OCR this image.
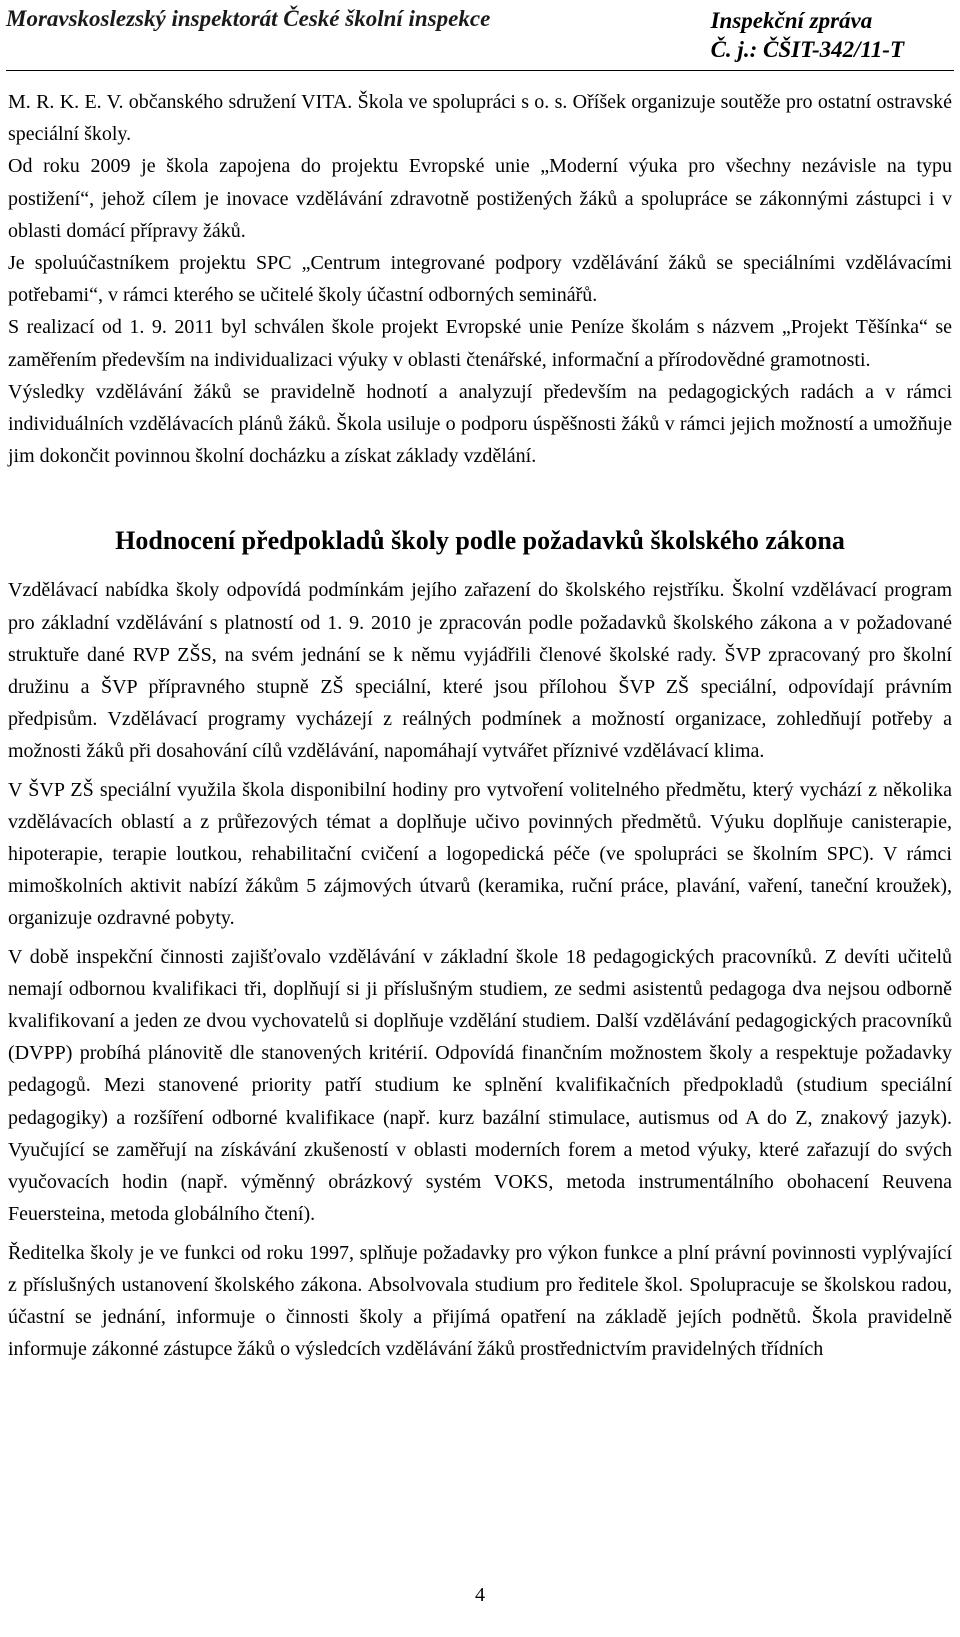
Moravskoslezský inspektorát České školní inspekce	Inspekční zpráva
Č. j.: ČŠIT-342/11-T

M. R. K. E. V. občanského sdružení VITA. Škola ve spolupráci s o. s. Oříšek organizuje soutěže pro ostatní ostravské speciální školy.

Od roku 2009 je škola zapojena do projektu Evropské unie „Moderní výuka pro všechny nezávisle na typu postižení“, jehož cílem je inovace vzdělávání zdravotně postižených žáků a spolupráce se zákonnými zástupci i v oblasti domácí přípravy žáků.

Je spoluúčastníkem projektu SPC „Centrum integrované podpory vzdělávání žáků se speciálními vzdělávacími potřebami“, v rámci kterého se učitelé školy účastní odborných seminářů.

S realizací od 1. 9. 2011 byl schválen škole projekt Evropské unie Peníze školám s názvem „Projekt Těšínka“ se zaměřením především na individualizaci výuky v oblasti čtenářské, informační a přírodovědné gramotnosti.

Výsledky vzdělávání žáků se pravidelně hodnotí a analyzují především na pedagogických radách a v rámci individuálních vzdělávacích plánů žáků. Škola usiluje o podporu úspěšnosti žáků v rámci jejich možností a umožňuje jim dokončit povinnou školní docházku a získat základy vzdělání.

Hodnocení předpokladů školy podle požadavků školského zákona

Vzdělávací nabídka školy odpovídá podmínkám jejího zařazení do školského rejstříku. Školní vzdělávací program pro základní vzdělávání s platností od 1. 9. 2010 je zpracován podle požadavků školského zákona a v požadované struktuře dané RVP ZŠS, na svém jednání se k němu vyjádřili členové školské rady. ŠVP zpracovaný pro školní družinu a ŠVP přípravného stupně ZŠ speciální, které jsou přílohou ŠVP ZŠ speciální, odpovídají právním předpisům. Vzdělávací programy vycházejí z reálných podmínek a možností organizace, zohledňují potřeby a možnosti žáků při dosahování cílů vzdělávání, napomáhají vytvářet příznivé vzdělávací klima.

V ŠVP ZŠ speciální využila škola disponibilní hodiny pro vytvoření volitelného předmětu, který vychází z několika vzdělávacích oblastí a z průřezových témat a doplňuje učivo povinných předmětů. Výuku doplňuje canisterapie, hipoterapie, terapie loutkou, rehabilitační cvičení a logopedická péče (ve spolupráci se školním SPC). V rámci mimoškolních aktivit nabízí žákům 5 zájmových útvarů (keramika, ruční práce, plavání, vaření, taneční kroužek), organizuje ozdravné pobyty.

V době inspekční činnosti zajišťovalo vzdělávání v základní škole 18 pedagogických pracovníků. Z devíti učitelů nemají odbornou kvalifikaci tři, doplňují si ji příslušným studiem, ze sedmi asistentů pedagoga dva nejsou odborně kvalifikovaní a jeden ze dvou vychovatelů si doplňuje vzdělání studiem. Další vzdělávání pedagogických pracovníků (DVPP) probíhá plánovitě dle stanovených kritérií. Odpovídá finančním možnostem školy a respektuje požadavky pedagogů. Mezi stanovené priority patří studium ke splnění kvalifikačních předpokladů (studium speciální pedagogiky) a rozšíření odborné kvalifikace (např. kurz bazální stimulace, autismus od A do Z, znakový jazyk). Vyučující se zaměřují na získávání zkušeností v oblasti moderních forem a metod výuky, které zařazují do svých vyučovacích hodin (např. výměnný obrázkový systém VOKS, metoda instrumentálního obohacení Reuvena Feuersteina, metoda globálního čtení).

Ředitelka školy je ve funkci od roku 1997, splňuje požadavky pro výkon funkce a plní právní povinnosti vyplývající z příslušných ustanovení školského zákona. Absolvovala studium pro ředitele škol. Spolupracuje se školskou radou, účastní se jednání, informuje o činnosti školy a přijímá opatření na základě jejích podnětů. Škola pravidelně informuje zákonné zástupce žáků o výsledcích vzdělávání žáků prostřednictvím pravidelných třídních

4
